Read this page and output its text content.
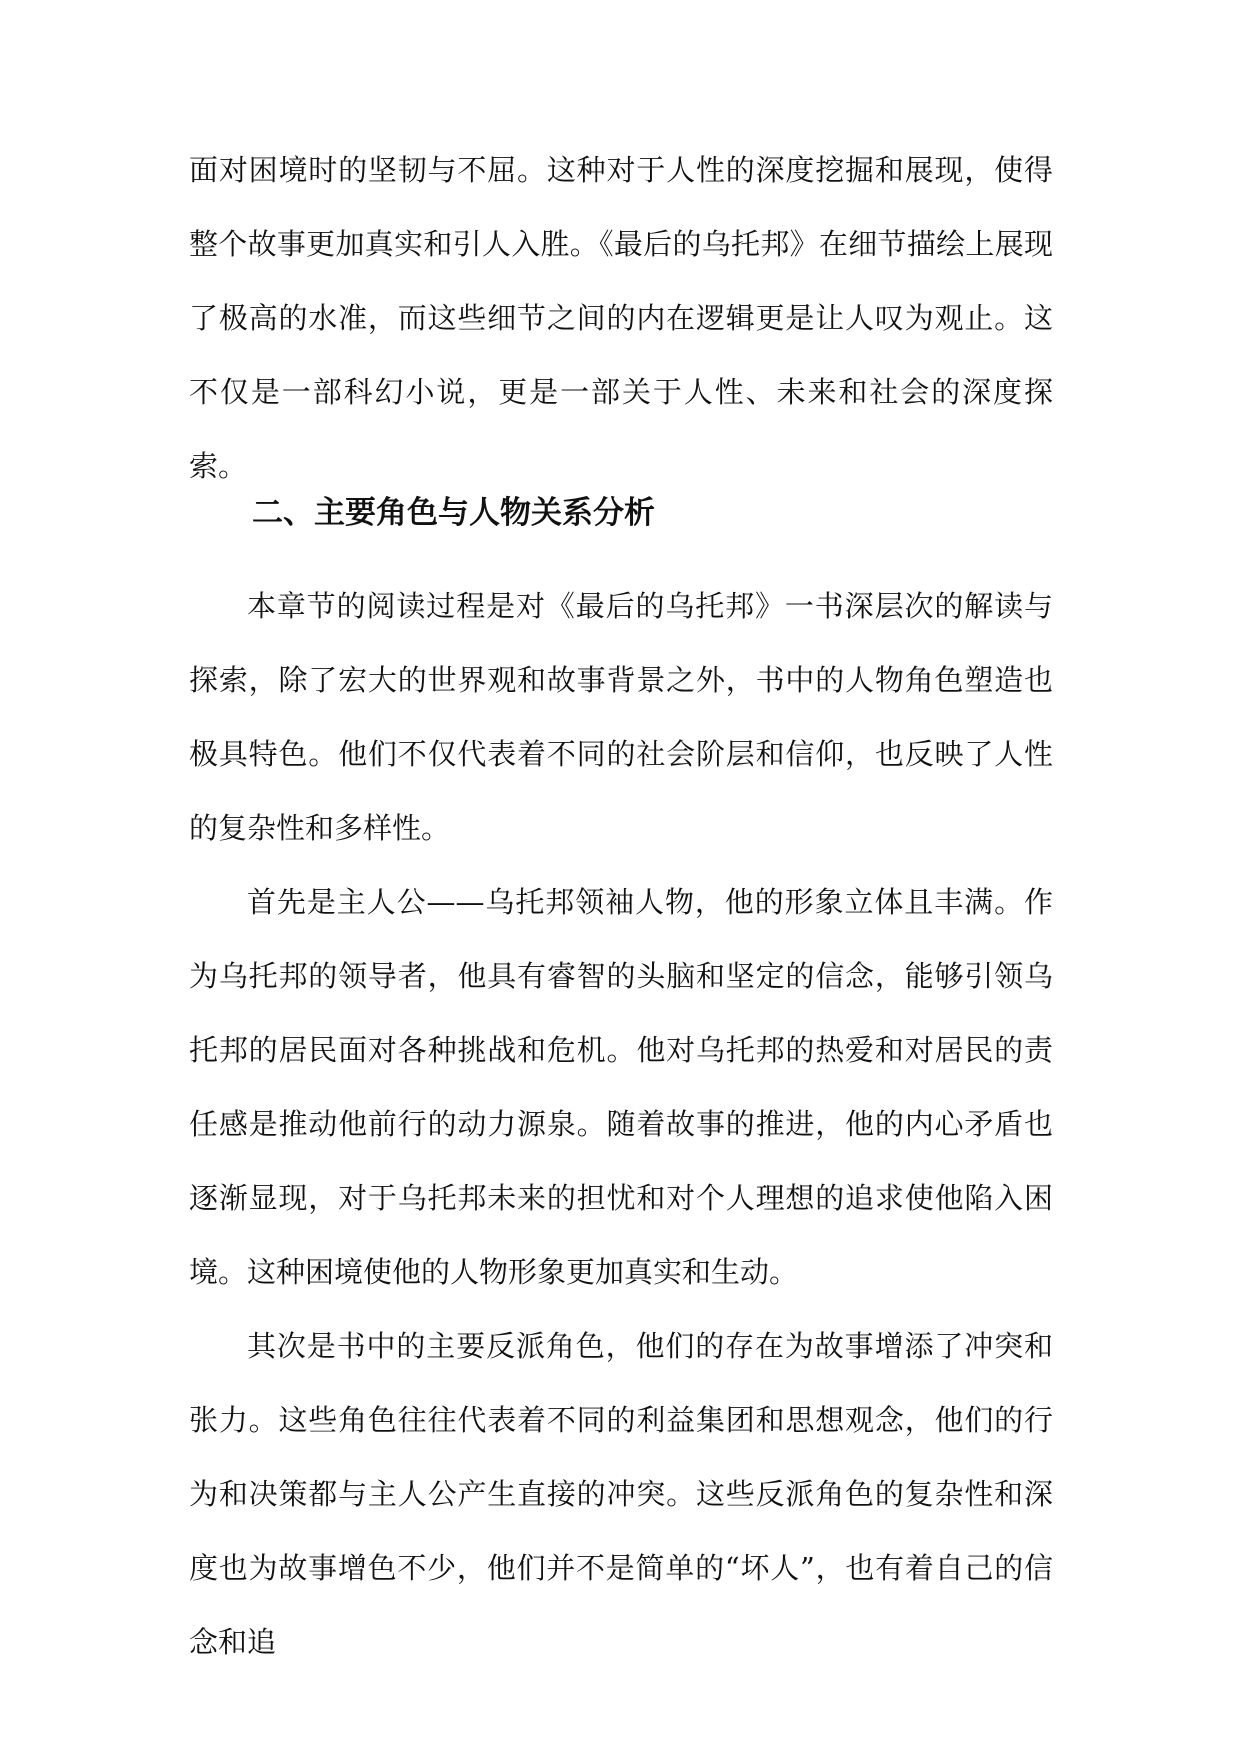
面对困境时的坚韧与不屈。这种对于人性的深度挖掘和展现，使得整个故事更加真实和引人入胜。《最后的乌托邦》在细节描绘上展现了极高的水准，而这些细节之间的内在逻辑更是让人叹为观止。这不仅是一部科幻小说，更是一部关于人性、未来和社会的深度探索。

二、主要角色与人物关系分析

本章节的阅读过程是对《最后的乌托邦》一书深层次的解读与探索，除了宏大的世界观和故事背景之外，书中的人物角色塑造也极具特色。他们不仅代表着不同的社会阶层和信仰，也反映了人性的复杂性和多样性。

首先是主人公——乌托邦领袖人物，他的形象立体且丰满。作为乌托邦的领导者，他具有睿智的头脑和坚定的信念，能够引领乌托邦的居民面对各种挑战和危机。他对乌托邦的热爱和对居民的责任感是推动他前行的动力源泉。随着故事的推进，他的内心矛盾也逐渐显现，对于乌托邦未来的担忧和对个人理想的追求使他陷入困境。这种困境使他的人物形象更加真实和生动。

其次是书中的主要反派角色，他们的存在为故事增添了冲突和张力。这些角色往往代表着不同的利益集团和思想观念，他们的行为和决策都与主人公产生直接的冲突。这些反派角色的复杂性和深度也为故事增色不少，他们并不是简单的“坏人”，也有着自己的信念和追
